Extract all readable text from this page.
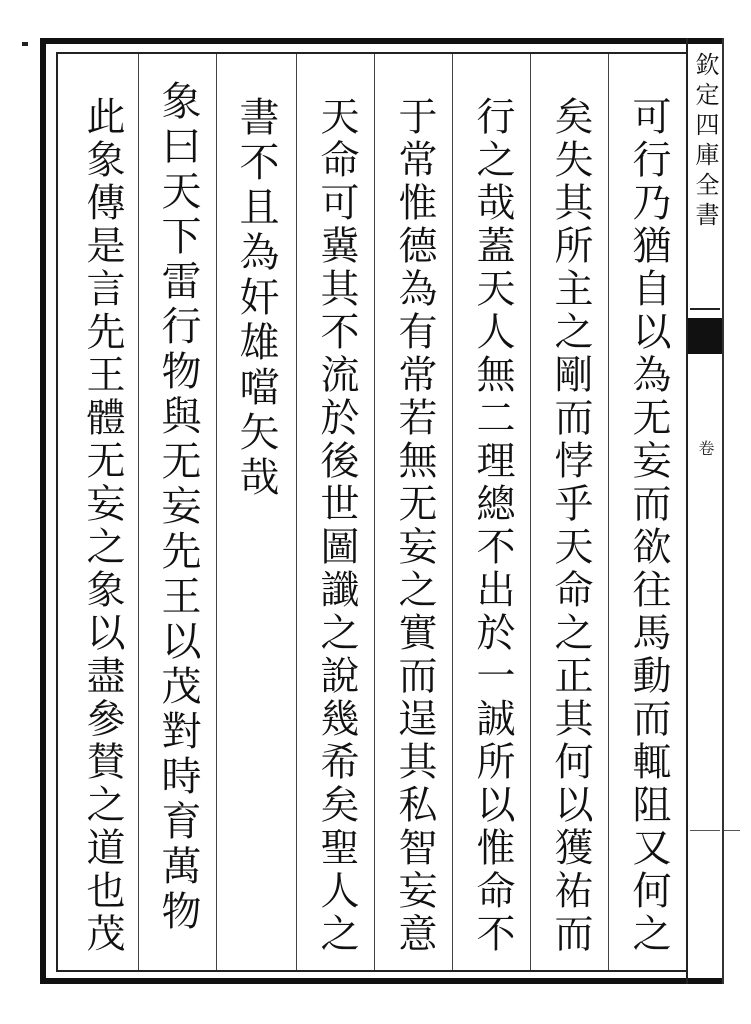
欽定四庫全書
卷
可行乃猶自以為无妄而欲往馬動而輒阻又何之
矣失其所主之剛而悖乎天命之正其何以獲祐而
行之哉蓋天人無二理總不出於一誠所以惟命不
于常惟德為有常若無无妄之實而逞其私智妄意
天命可冀其不流於後世圖讖之說幾希矣聖人之
書不且為奸雄噹矢哉
象曰天下雷行物與无妄先王以茂對時育萬物
此象傳是言先王體无妄之象以盡參賛之道也茂
